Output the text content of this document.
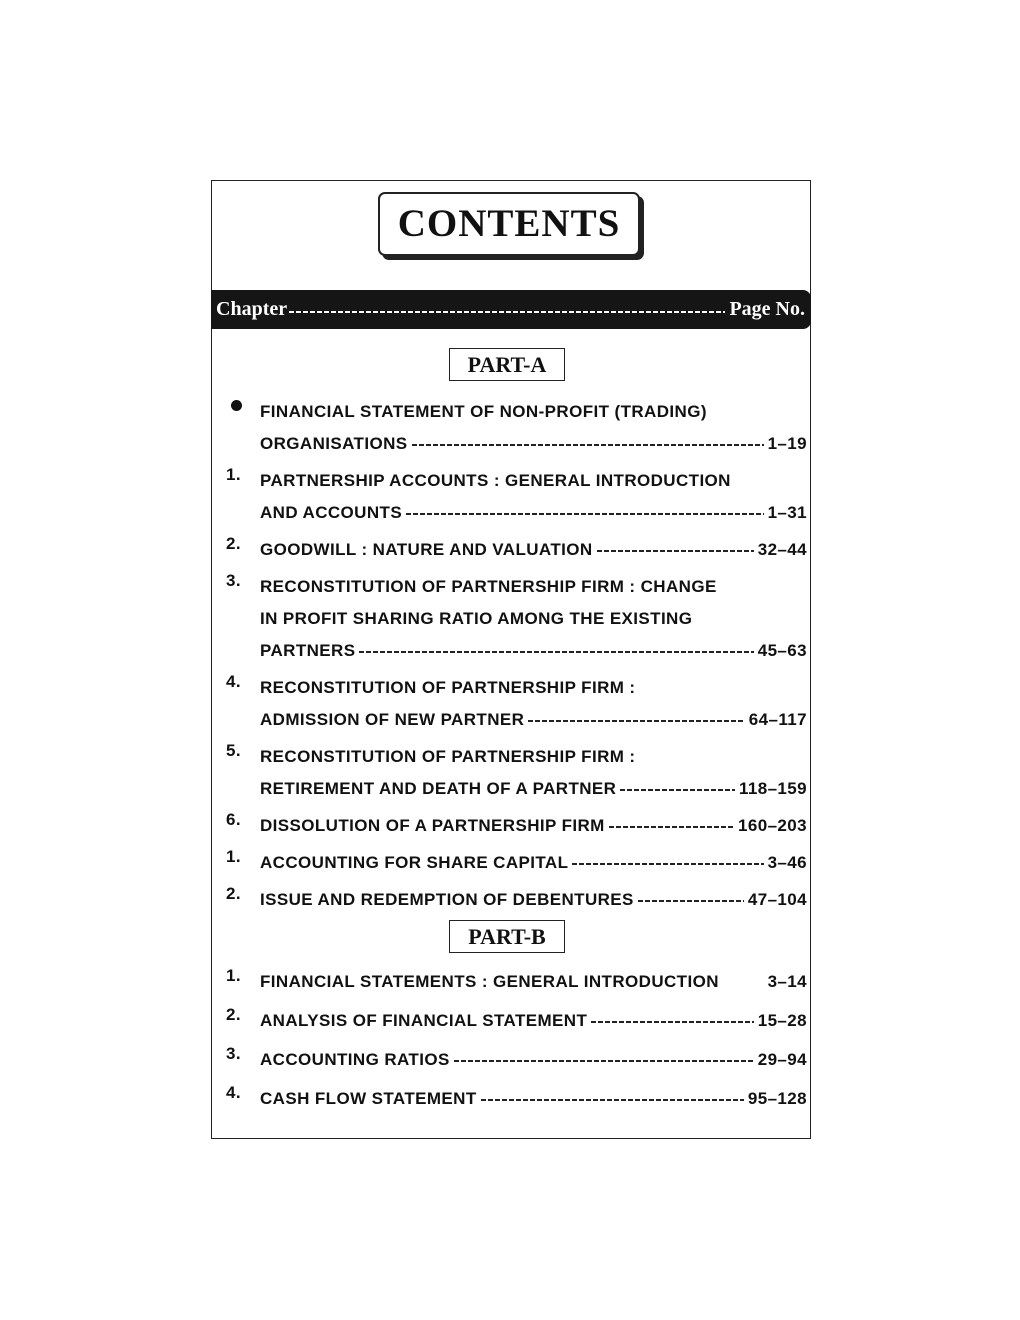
CONTENTS
Chapter	Page No.
PART-A
FINANCIAL STATEMENT OF NON-PROFIT (TRADING)
ORGANISATIONS	1–19
1.	PARTNERSHIP ACCOUNTS : GENERAL INTRODUCTION
AND ACCOUNTS	1–31
2.	GOODWILL : NATURE AND VALUATION	32–44
3.	RECONSTITUTION OF PARTNERSHIP FIRM : CHANGE
IN PROFIT SHARING RATIO AMONG THE EXISTING
PARTNERS	45–63
4.	RECONSTITUTION OF PARTNERSHIP FIRM :
ADMISSION OF NEW PARTNER	64–117
5.	RECONSTITUTION OF PARTNERSHIP FIRM :
RETIREMENT AND DEATH OF A PARTNER	118–159
6.	DISSOLUTION OF A PARTNERSHIP FIRM	160–203
1.	ACCOUNTING FOR SHARE CAPITAL	3–46
2.	ISSUE AND REDEMPTION OF DEBENTURES	47–104
PART-B
1.	FINANCIAL STATEMENTS : GENERAL INTRODUCTION	3–14
2.	ANALYSIS OF FINANCIAL STATEMENT	15–28
3.	ACCOUNTING RATIOS	29–94
4.	CASH FLOW STATEMENT	95–128
